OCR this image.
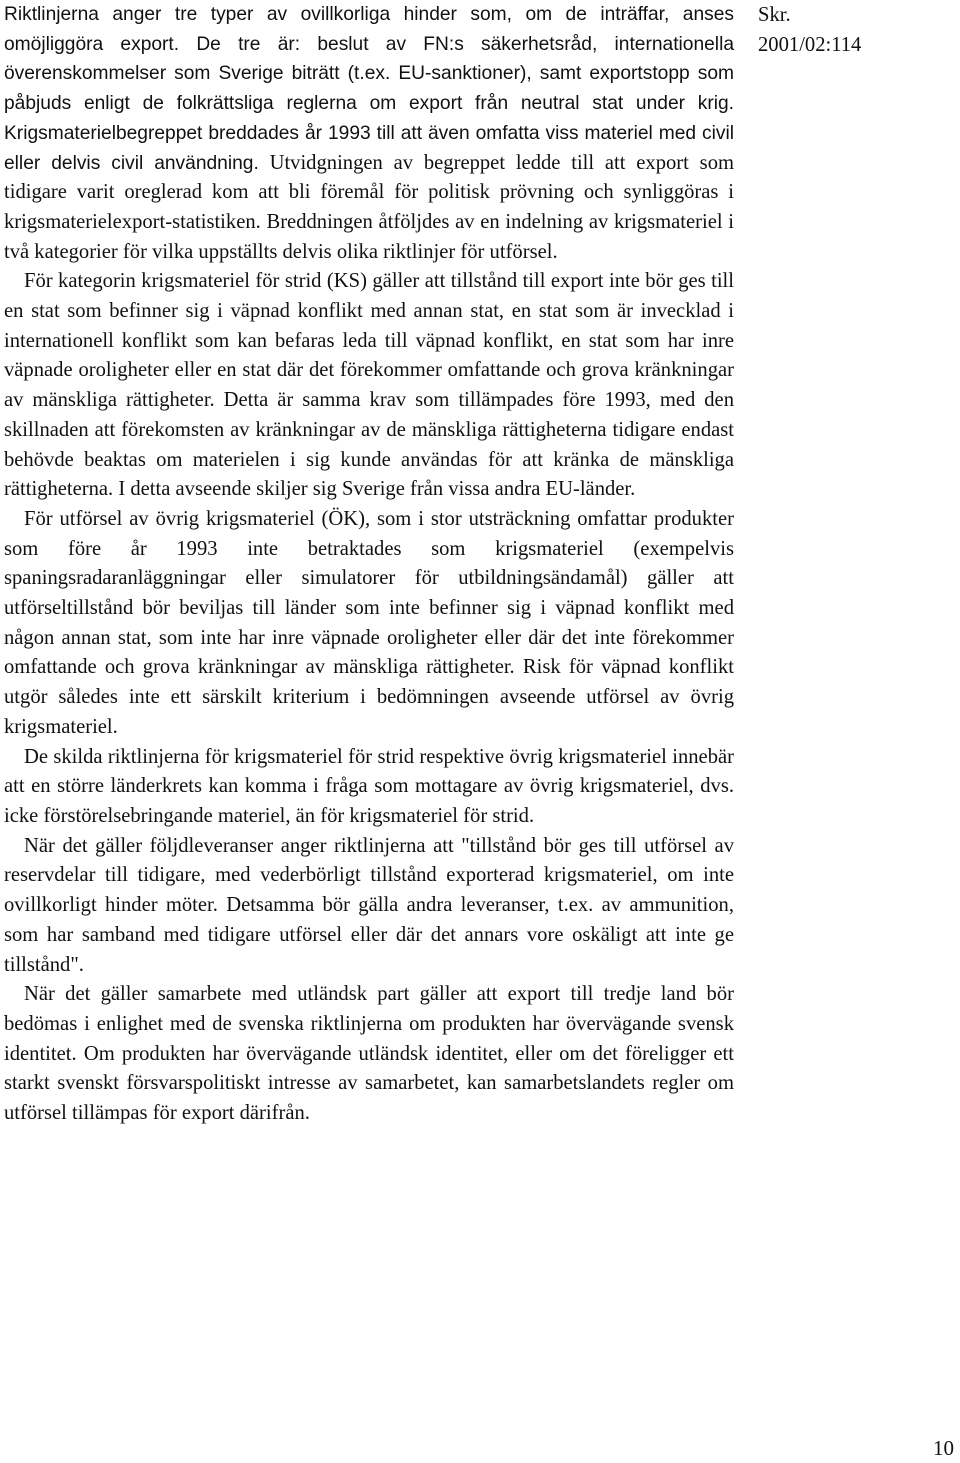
Riktlinjerna anger tre typer av ovillkorliga hinder som, om de inträffar, anses omöjliggöra export. De tre är: beslut av FN:s säkerhetsråd, internationella överenskommelser som Sverige biträtt (t.ex. EU-sanktioner), samt exportstopp som påbjuds enligt de folkrättsliga reglerna om export från neutral stat under krig. Krigsmaterielbegreppet breddades år 1993 till att även omfatta viss materiel med civil eller delvis civil användning. Utvidgningen av begreppet ledde till att export som tidigare varit oreglerad kom att bli föremål för politisk prövning och synliggöras i krigsmaterielexport-statistiken. Breddningen åtföljdes av en indelning av krigsmateriel i två kategorier för vilka uppställts delvis olika riktlinjer för utförsel.

För kategorin krigsmateriel för strid (KS) gäller att tillstånd till export inte bör ges till en stat som befinner sig i väpnad konflikt med annan stat, en stat som är invecklad i internationell konflikt som kan befaras leda till väpnad konflikt, en stat som har inre väpnade oroligheter eller en stat där det förekommer omfattande och grova kränkningar av mänskliga rättigheter. Detta är samma krav som tillämpades före 1993, med den skillnaden att förekomsten av kränkningar av de mänskliga rättigheterna tidigare endast behövde beaktas om materielen i sig kunde användas för att kränka de mänskliga rättigheterna. I detta avseende skiljer sig Sverige från vissa andra EU-länder.

För utförsel av övrig krigsmateriel (ÖK), som i stor utsträckning omfattar produkter som före år 1993 inte betraktades som krigsmateriel (exempelvis spaningsradaranläggningar eller simulatorer för utbildningsändamål) gäller att utförseltillstånd bör beviljas till länder som inte befinner sig i väpnad konflikt med någon annan stat, som inte har inre väpnade oroligheter eller där det inte förekommer omfattande och grova kränkningar av mänskliga rättigheter. Risk för väpnad konflikt utgör således inte ett särskilt kriterium i bedömningen avseende utförsel av övrig krigsmateriel.

De skilda riktlinjerna för krigsmateriel för strid respektive övrig krigsmateriel innebär att en större länderkrets kan komma i fråga som mottagare av övrig krigsmateriel, dvs. icke förstörelsebringande materiel, än för krigsmateriel för strid.

När det gäller följdleveranser anger riktlinjerna att "tillstånd bör ges till utförsel av reservdelar till tidigare, med vederbörligt tillstånd exporterad krigsmateriel, om inte ovillkorligt hinder möter. Detsamma bör gälla andra leveranser, t.ex. av ammunition, som har samband med tidigare utförsel eller där det annars vore oskäligt att inte ge tillstånd".

När det gäller samarbete med utländsk part gäller att export till tredje land bör bedömas i enlighet med de svenska riktlinjerna om produkten har övervägande svensk identitet. Om produkten har övervägande utländsk identitet, eller om det föreligger ett starkt svenskt försvarspolitiskt intresse av samarbetet, kan samarbetslandets regler om utförsel tillämpas för export därifrån.

Skr.
2001/02:114
10
